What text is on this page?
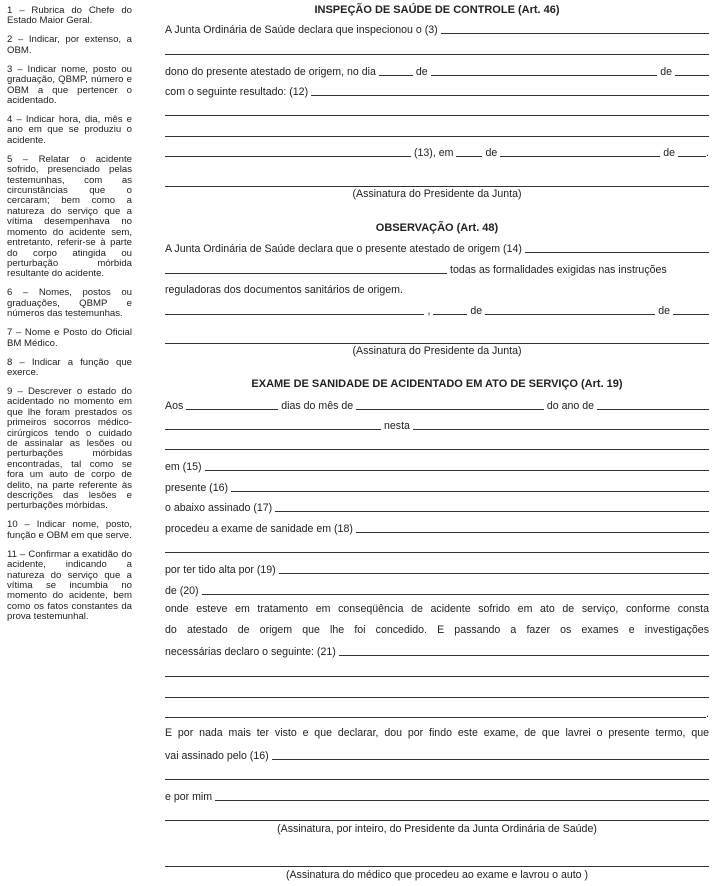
1 – Rubrica do Chefe do Estado Maior Geral.
2 – Indicar, por extenso, a OBM.
3 – Indicar nome, posto ou graduação, QBMP, número e OBM a que pertencer o acidentado.
4 – Indicar hora, dia, mês e ano em que se produziu o acidente.
5 – Relatar o acidente sofrido, presenciado pelas testemunhas, com as circunstâncias que o cercaram; bem como a natureza do serviço que a vítima desempenhava no momento do acidente sem, entretanto, referir-se à parte do corpo atingida ou perturbação mórbida resultante do acidente.
6 – Nomes, postos ou graduações, QBMP e números das testemunhas.
7 – Nome e Posto do Oficial BM Médico.
8 – Indicar a função que exerce.
9 – Descrever o estado do acidentado no momento em que lhe foram prestados os primeiros socorros médico-cirúrgicos tendo o cuidado de assinalar as lesões ou perturbações mórbidas encontradas, tal como se fora um auto de corpo de delito, na parte referente às descrições das lesões e perturbações mórbidas.
10 – Indicar nome, posto, função e OBM em que serve.
11 – Confirmar a exatidão do acidente, indicando a natureza do serviço que a vítima se incumbia no momento do acidente, bem como os fatos constantes da prova testemunhal.
INSPEÇÃO DE SAÚDE DE CONTROLE (Art. 46)
A Junta Ordinária de Saúde declara que inspecionou o (3)
dono do presente atestado de origem, no dia	de	de
com o seguinte resultado: (12)
(13), em	de	de	.
(Assinatura do Presidente da Junta)
OBSERVAÇÃO (Art. 48)
A Junta Ordinária de Saúde declara que o presente atestado de origem (14)
todas as formalidades exigidas nas instruções
reguladoras dos documentos sanitários de origem.
,	de	de
(Assinatura do Presidente da Junta)
EXAME DE SANIDADE DE ACIDENTADO EM ATO DE SERVIÇO (Art. 19)
Aos	dias do mês de	do ano de
nesta
em (15)
presente (16)
o abaixo assinado (17)
procedeu a exame de sanidade em (18)
por ter tido alta por (19)
de (20)
onde esteve em tratamento em conseqüência de acidente sofrido em ato de serviço, conforme consta
do atestado de origem que lhe foi concedido. E passando a fazer os exames e investigações
necessárias declaro o seguinte: (21)
.
E por nada mais ter visto e que declarar, dou por findo este exame, de que lavrei o presente termo, que
vai assinado pelo (16)
e por mim
(Assinatura, por inteiro, do Presidente da Junta Ordinária de Saúde)
(Assinatura do médico que procedeu ao exame e lavrou o auto )
